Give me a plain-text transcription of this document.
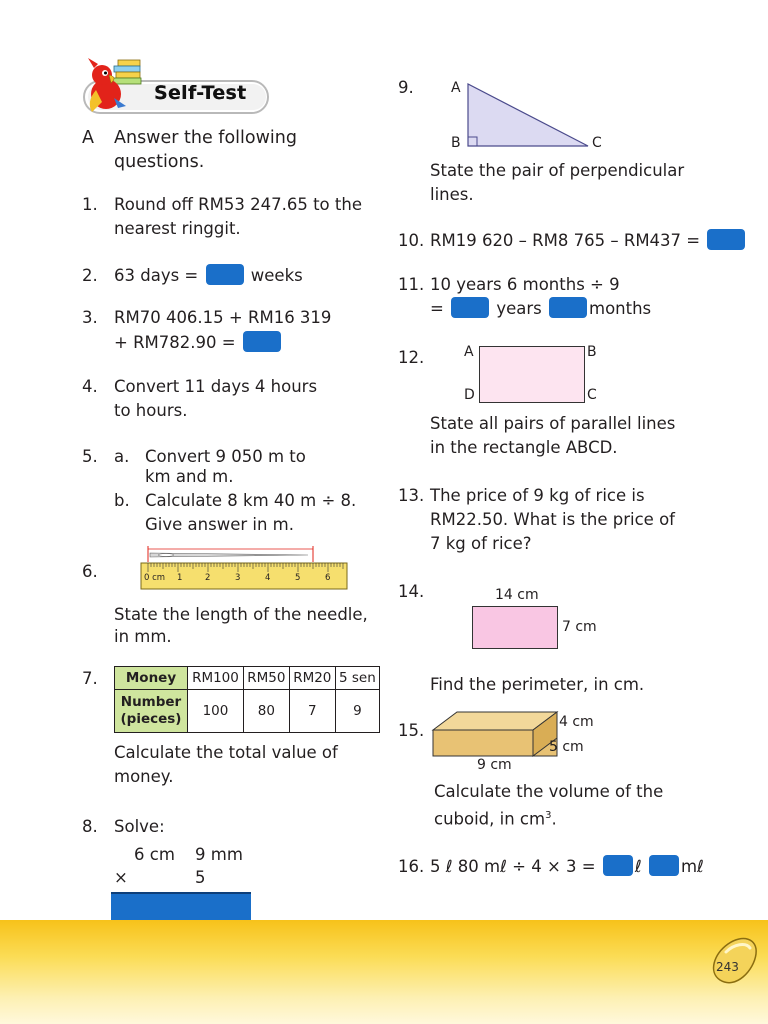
Self-Test
A Answer the following
questions.
1. Round off RM53 247.65 to the
nearest ringgit.
2. 63 days =	weeks
3. RM70 406.15 + RM16 319
+ RM782.90 =
4. Convert 11 days 4 hours
to hours.
5. a. Convert 9 050 m to
km and m.
b. Calculate 8 km 40 m ÷ 8.
Give answer in m.
6.	0 cm 1	2	3	4	5	6
State the length of the needle,
in mm.
7. Money	RM100	RM50	RM20	5 sen
Number
(pieces)	100	80	7	9
Calculate the total value of
money.
8. Solve:
6 cm 9 mm
×	5
9.	A
B	C
State the pair of perpendicular
lines.
10. RM19 620 – RM8 765 – RM437 =
11. 10 years 6 months ÷ 9
=	years	months
12.	A	B
C
D
State all pairs of parallel lines
in the rectangle ABCD.
13. The price of 9 kg of rice is
RM22.50. What is the price of
7 kg of rice?
14.	14 cm
7 cm
Find the perimeter, in cm.
15.	4 cm
5 cm
9 cm
Calculate the volume of the
cuboid, in $cm^3$.
16. 5 ℓ 80 mℓ ÷ 4 × 3 = ℓ mℓ
243
